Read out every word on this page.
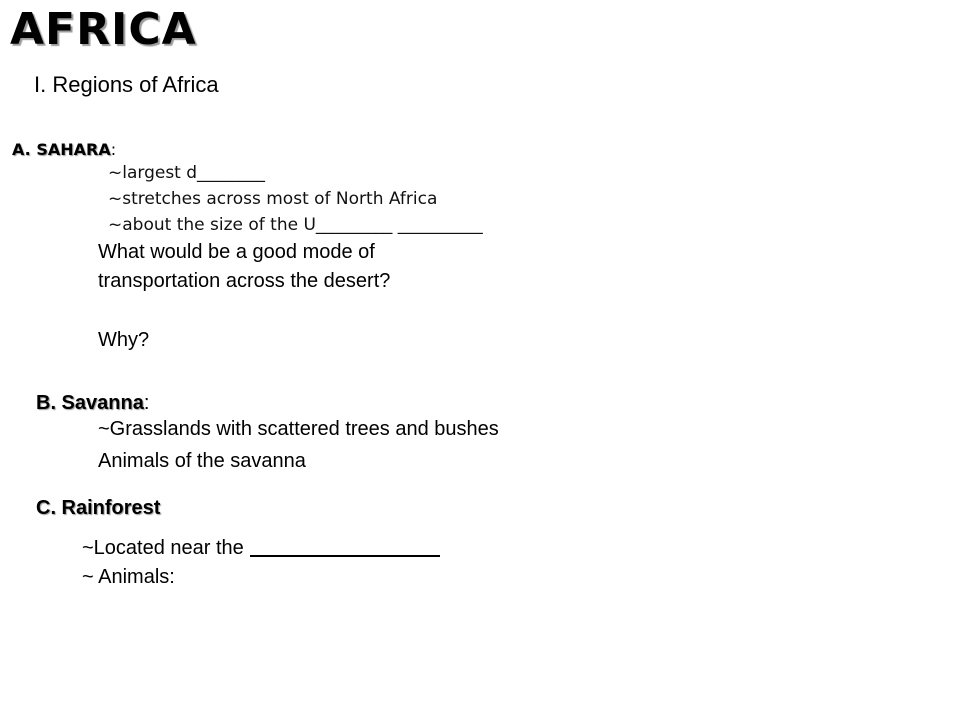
AFRICA
I. Regions of Africa
A. SAHARA:
~largest d________
~stretches across most of North Africa
~about the size of the U_________ __________
What would be a good mode of
transportation across the desert?
Why?
B. Savanna:
~Grasslands with scattered trees and bushes
Animals of the savanna
C. Rainforest
~Located near the
~ Animals:
